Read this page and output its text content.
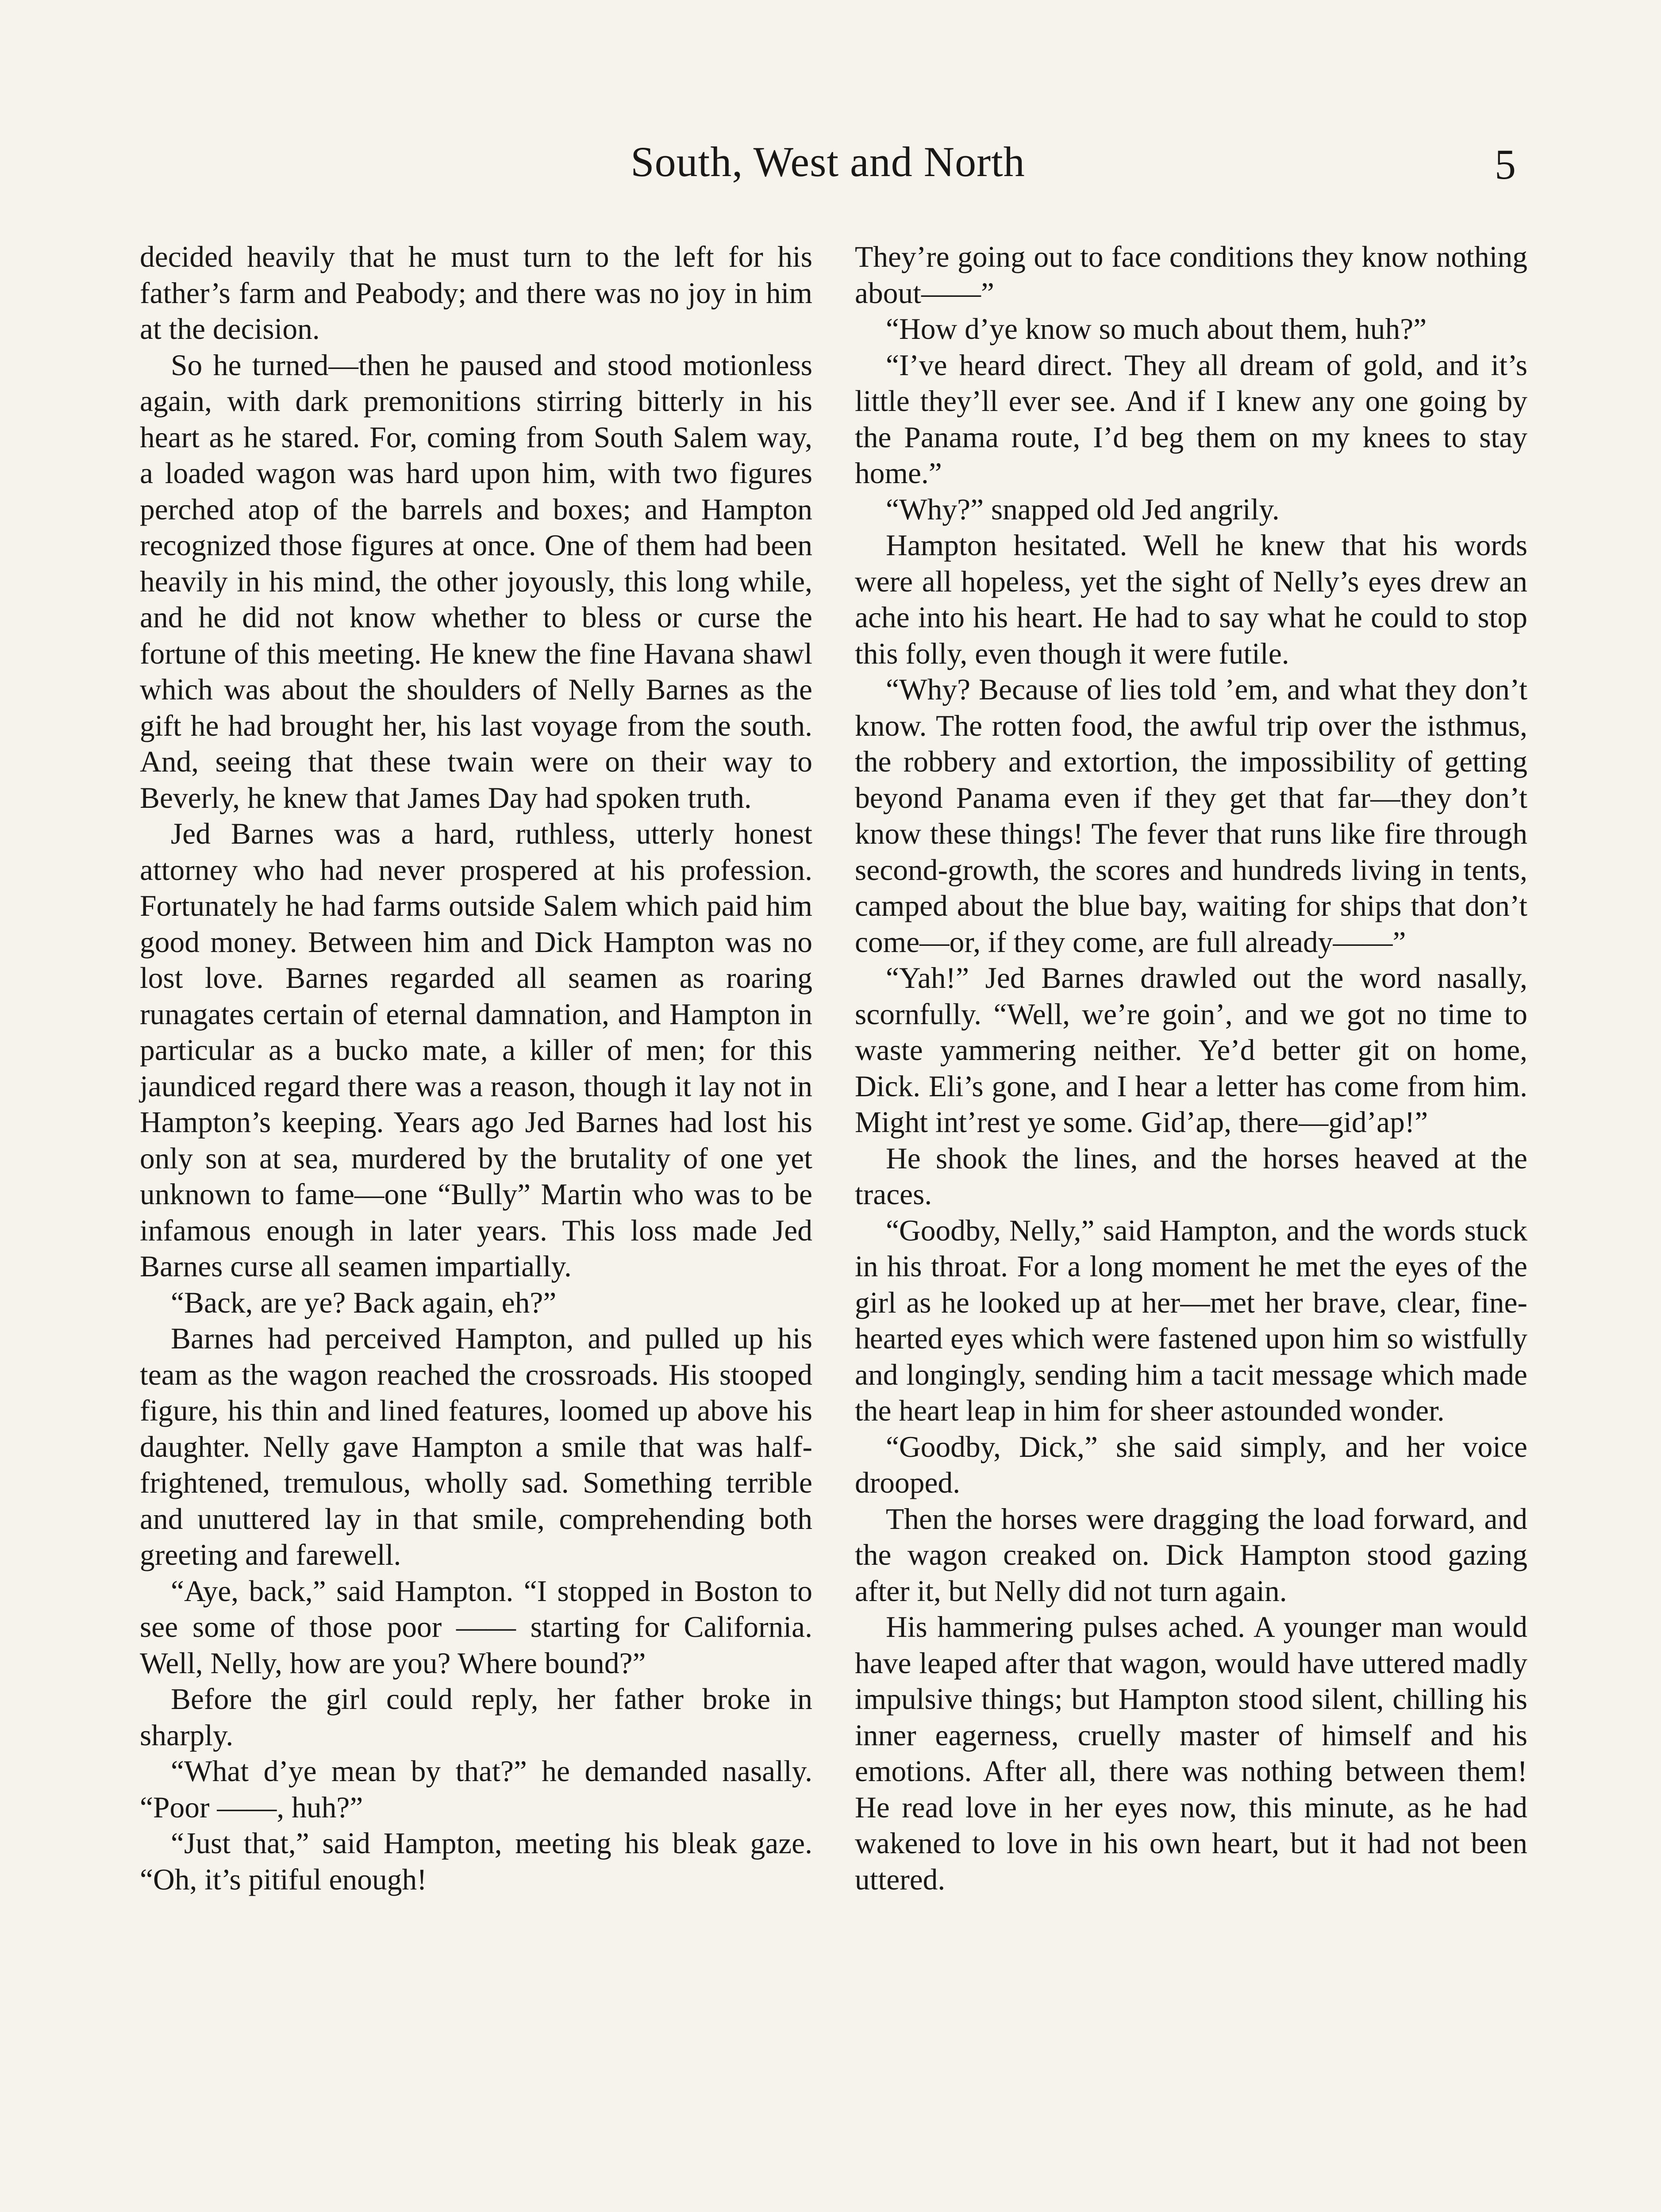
South, West and North	5

decided heavily that he must turn to the left for his father’s farm and Peabody; and there was no joy in him at the decision.

So he turned—then he paused and stood motionless again, with dark premonitions stirring bitterly in his heart as he stared. For, coming from South Salem way, a loaded wagon was hard upon him, with two figures perched atop of the barrels and boxes; and Hampton recognized those figures at once. One of them had been heavily in his mind, the other joyously, this long while, and he did not know whether to bless or curse the fortune of this meeting. He knew the fine Havana shawl which was about the shoulders of Nelly Barnes as the gift he had brought her, his last voyage from the south. And, seeing that these twain were on their way to Beverly, he knew that James Day had spoken truth.

Jed Barnes was a hard, ruthless, utterly honest attorney who had never prospered at his profession. Fortunately he had farms outside Salem which paid him good money. Between him and Dick Hampton was no lost love. Barnes regarded all seamen as roaring runagates certain of eternal damnation, and Hampton in particular as a bucko mate, a killer of men; for this jaundiced regard there was a reason, though it lay not in Hampton’s keeping. Years ago Jed Barnes had lost his only son at sea, murdered by the brutality of one yet unknown to fame—one “Bully” Martin who was to be infamous enough in later years. This loss made Jed Barnes curse all seamen impartially.

“Back, are ye? Back again, eh?”

Barnes had perceived Hampton, and pulled up his team as the wagon reached the crossroads. His stooped figure, his thin and lined features, loomed up above his daughter. Nelly gave Hampton a smile that was half-frightened, tremulous, wholly sad. Something terrible and unuttered lay in that smile, comprehending both greeting and farewell.

“Aye, back,” said Hampton. “I stopped in Boston to see some of those poor —— starting for California. Well, Nelly, how are you? Where bound?”

Before the girl could reply, her father broke in sharply.

“What d’ye mean by that?” he demanded nasally. “Poor ——, huh?”

“Just that,” said Hampton, meeting his bleak gaze. “Oh, it’s pitiful enough!

They’re going out to face conditions they know nothing about——”

“How d’ye know so much about them, huh?”

“I’ve heard direct. They all dream of gold, and it’s little they’ll ever see. And if I knew any one going by the Panama route, I’d beg them on my knees to stay home.”

“Why?” snapped old Jed angrily.

Hampton hesitated. Well he knew that his words were all hopeless, yet the sight of Nelly’s eyes drew an ache into his heart. He had to say what he could to stop this folly, even though it were futile.

“Why? Because of lies told ’em, and what they don’t know. The rotten food, the awful trip over the isthmus, the robbery and extortion, the impossibility of getting beyond Panama even if they get that far—they don’t know these things! The fever that runs like fire through second-growth, the scores and hundreds living in tents, camped about the blue bay, waiting for ships that don’t come—or, if they come, are full already——”

“Yah!” Jed Barnes drawled out the word nasally, scornfully. “Well, we’re goin’, and we got no time to waste yammering neither. Ye’d better git on home, Dick. Eli’s gone, and I hear a letter has come from him. Might int’rest ye some. Gid’ap, there—gid’ap!”

He shook the lines, and the horses heaved at the traces.

“Goodby, Nelly,” said Hampton, and the words stuck in his throat. For a long moment he met the eyes of the girl as he looked up at her—met her brave, clear, fine-hearted eyes which were fastened upon him so wistfully and longingly, sending him a tacit message which made the heart leap in him for sheer astounded wonder.

“Goodby, Dick,” she said simply, and her voice drooped.

Then the horses were dragging the load forward, and the wagon creaked on. Dick Hampton stood gazing after it, but Nelly did not turn again.

His hammering pulses ached. A younger man would have leaped after that wagon, would have uttered madly impulsive things; but Hampton stood silent, chilling his inner eagerness, cruelly master of himself and his emotions. After all, there was nothing between them! He read love in her eyes now, this minute, as he had wakened to love in his own heart, but it had not been uttered.
